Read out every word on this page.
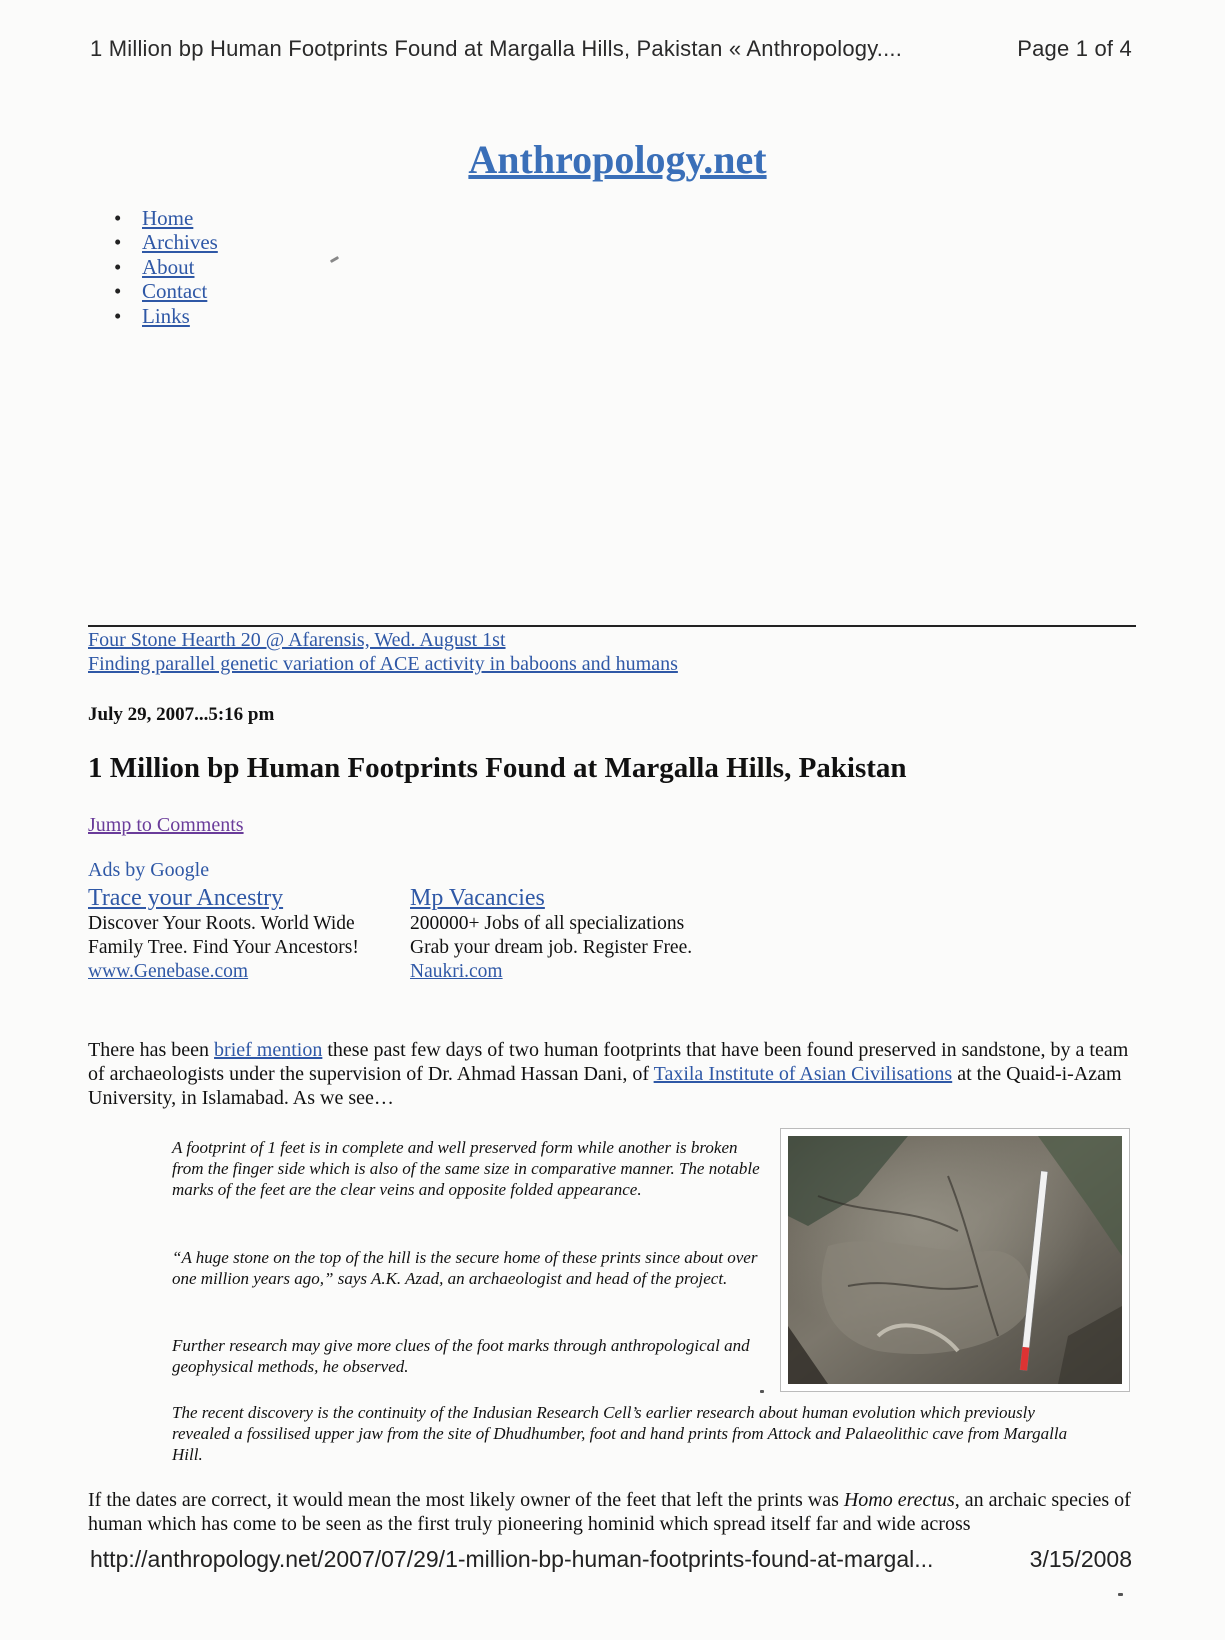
1 Million bp Human Footprints Found at Margalla Hills, Pakistan « Anthropology....	Page 1 of 4
Anthropology.net
• Home
• Archives
• About
• Contact
• Links
Four Stone Hearth 20 @ Afarensis, Wed. August 1st
Finding parallel genetic variation of ACE activity in baboons and humans
July 29, 2007...5:16 pm
1 Million bp Human Footprints Found at Margalla Hills, Pakistan
Jump to Comments
Ads by Google
Trace your Ancestry
Discover Your Roots. World Wide
Family Tree. Find Your Ancestors!
www.Genebase.com
Mp Vacancies
200000+ Jobs of all specializations
Grab your dream job. Register Free.
Naukri.com

There has been brief mention these past few days of two human footprints that have been found preserved in sandstone, by a team of archaeologists under the supervision of Dr. Ahmad Hassan Dani, of Taxila Institute of Asian Civilisations at the Quaid-i-Azam University, in Islamabad. As we see…

A footprint of 1 feet is in complete and well preserved form while another is broken from the finger side which is also of the same size in comparative manner. The notable marks of the feet are the clear veins and opposite folded appearance.

“A huge stone on the top of the hill is the secure home of these prints since about over one million years ago,” says A.K. Azad, an archaeologist and head of the project.

Further research may give more clues of the foot marks through anthropological and geophysical methods, he observed.

The recent discovery is the continuity of the Indusian Research Cell’s earlier research about human evolution which previously revealed a fossilised upper jaw from the site of Dhudhumber, foot and hand prints from Attock and Palaeolithic cave from Margalla Hill.

If the dates are correct, it would mean the most likely owner of the feet that left the prints was Homo erectus, an archaic species of human which has come to be seen as the first truly pioneering hominid which spread itself far and wide across

http://anthropology.net/2007/07/29/1-million-bp-human-footprints-found-at-margal...	3/15/2008
